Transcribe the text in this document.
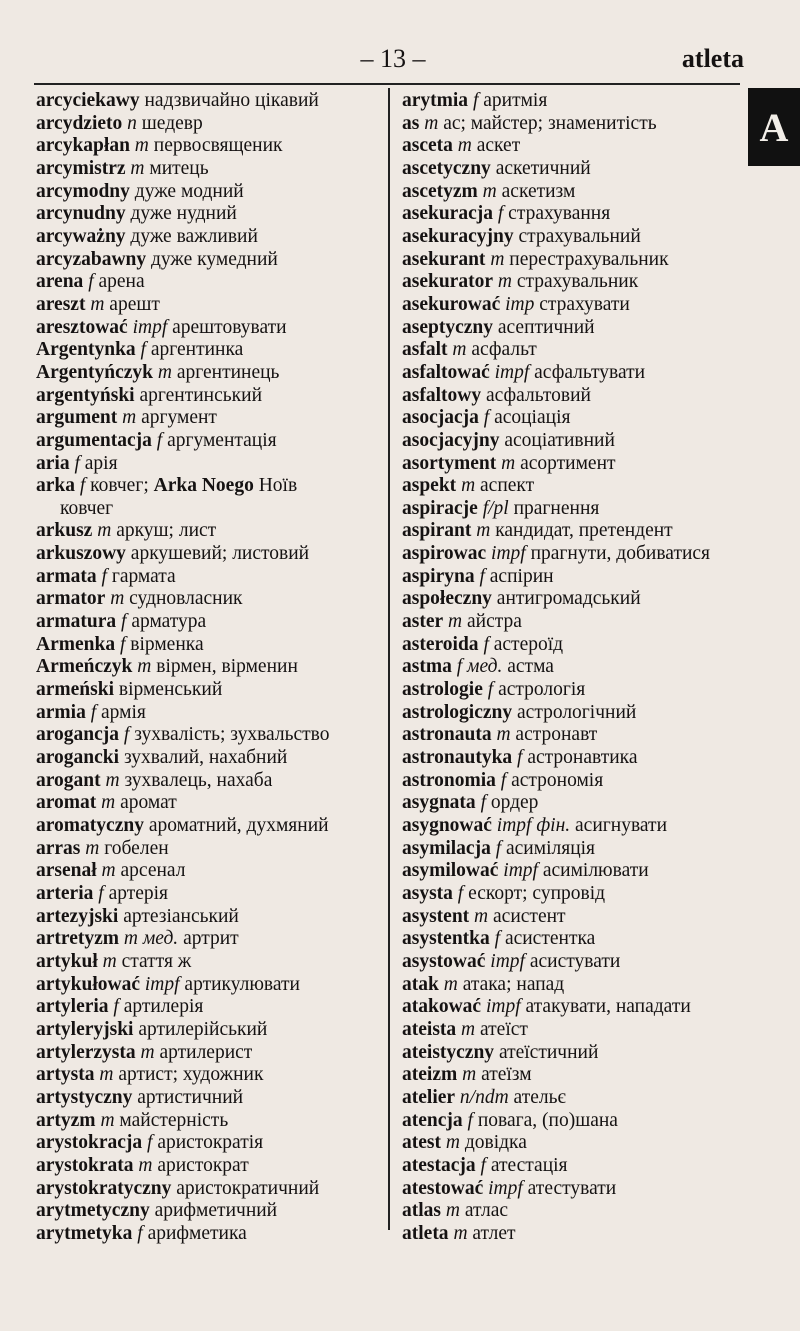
– 13 –	atleta
A
arcyciekawy надзвичайно цікавий
arcydzieto n шедевр
arcykapłan m первосвященик
arcymistrz m митець
arcymodny дуже модний
arcynudny дуже нудний
arcyważny дуже важливий
arcyzabawny дуже кумедний
arena f арена
areszt m арешт
aresztować impf арештовувати
Argentynka f аргентинка
Argentyńczyk m аргентинець
argentyński аргентинський
argument m аргумент
argumentacja f аргументація
aria f арія
arka f ковчег; Arka Noego Ноїв
ковчег
arkusz m аркуш; лист
arkuszowy аркушевий; листовий
armata f гармата
armator m судновласник
armatura f арматура
Armenka f вірменка
Armeńczyk m вірмен, вірменин
armeński вірменський
armia f армія
arogancja f зухвалість; зухвальство
arogancki зухвалий, нахабний
arogant m зухвалець, нахаба
aromat m аромат
aromatyczny ароматний, духмяний
arras m гобелен
arsenał m арсенал
arteria f артерія
artezyjski артезіанський
artretyzm m мед. артрит
artykuł m стаття ж
artykułować impf артикулювати
artyleria f артилерія
artyleryjski артилерійський
artylerzysta m артилерист
artysta m артист; художник
artystyczny артистичний
artyzm m майстерність
arystokracja f аристократія
arystokrata m аристократ
arystokratyczny аристократичний
arytmetyczny арифметичний
arytmetyka f арифметика
arytmia f аритмія
as m ас; майстер; знаменитість
asceta m аскет
ascetyczny аскетичний
ascetyzm m аскетизм
asekuracja f страхування
asekuracyjny страхувальний
asekurant m перестрахувальник
asekurator m страхувальник
asekurować imp страхувати
aseptyczny асептичний
asfalt m асфальт
asfaltować impf асфальтувати
asfaltowy асфальтовий
asocjacja f асоціація
asocjacyjny асоціативний
asortyment m асортимент
aspekt m аспект
aspiracje f/pl прагнення
aspirant m кандидат, претендент
aspirowac impf прагнути, добиватися
aspiryna f аспірин
aspołeczny антигромадський
aster m айстра
asteroida f астероїд
astma f мед. астма
astrologie f астрологія
astrologiczny астрологічний
astronauta m астронавт
astronautyka f астронавтика
astronomia f астрономія
asygnata f ордер
asygnować impf фін. асигнувати
asymilacja f асиміляція
asymilować impf асимілювати
asysta f ескорт; супровід
asystent m асистент
asystentka f асистентка
asystować impf асистувати
atak m атака; напад
atakować impf атакувати, нападати
ateista m атеїст
ateistyczny атеїстичний
ateizm m атеїзм
atelier n/ndm ательє
atencja f повага, (по)шана
atest m довідка
atestacja f атестація
atestować impf атестувати
atlas m атлас
atleta m атлет
